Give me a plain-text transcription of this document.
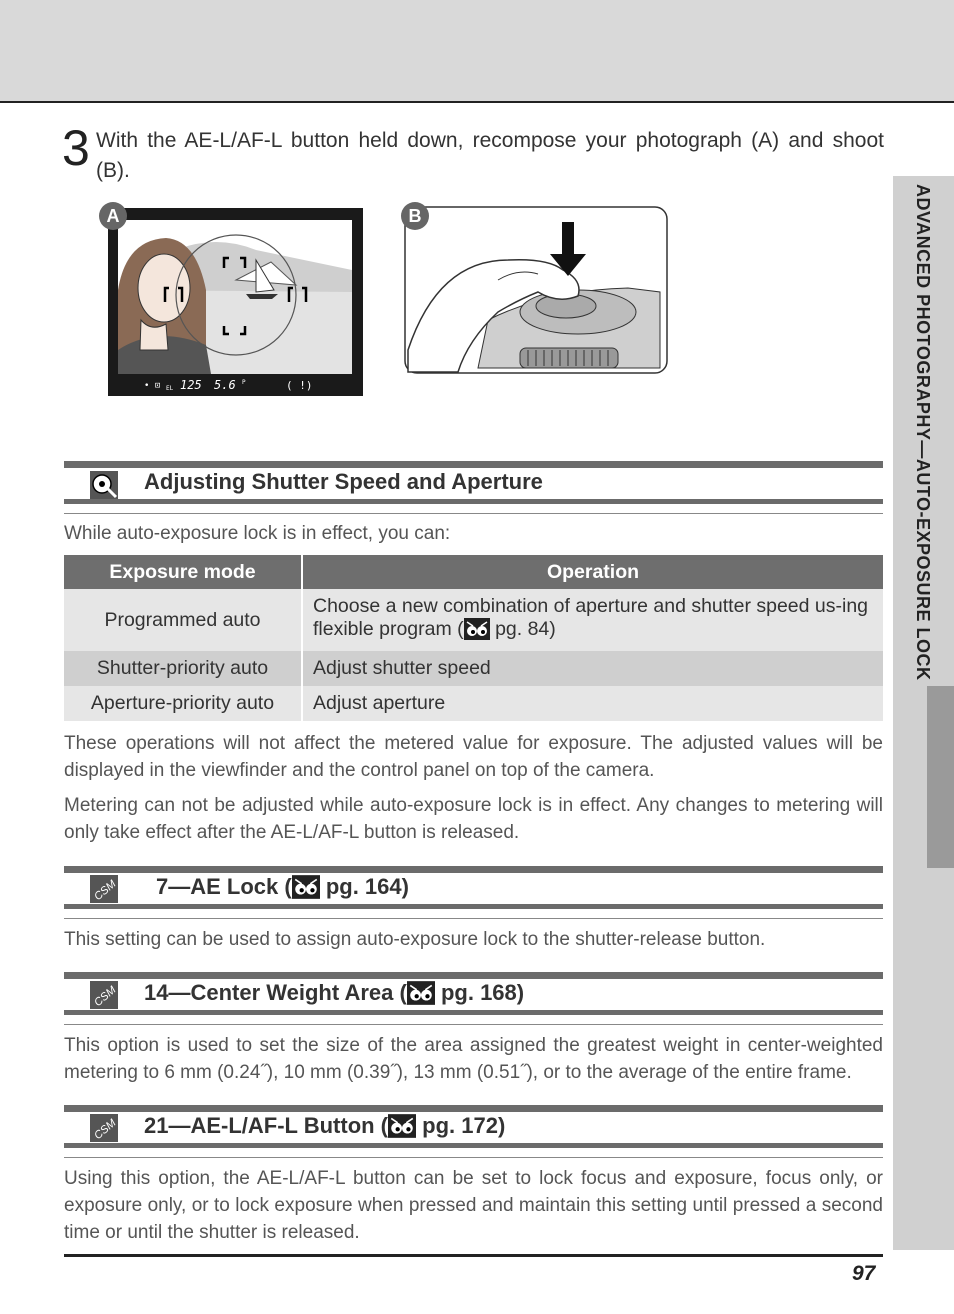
ADVANCED PHOTOGRAPHY—AUTO-EXPOSURE LOCK
3 With the AE-L/AF-L button held down, recompose your photograph (A) and shoot (B).
• ⊡ EL 125 5.6 P	( !)
A	B
Adjusting Shutter Speed and Aperture

While auto-exposure lock is in effect, you can:

Exposure mode	Operation
Programmed auto	Choose a new combination of aperture and shutter speed us-ing flexible program ( pg. 84)
Shutter-priority auto	Adjust shutter speed
Aperture-priority auto	Adjust aperture

These operations will not affect the metered value for exposure. The adjusted values will be displayed in the viewfinder and the control panel on top of the camera.

Metering can not be adjusted while auto-exposure lock is in effect. Any changes to metering will only take effect after the AE-L/AF-L button is released.

CSM 7—AE Lock ( pg. 164)

This setting can be used to assign auto-exposure lock to the shutter-release button.

CSM 14—Center Weight Area ( pg. 168)

This option is used to set the size of the area assigned the greatest weight in center-weighted metering to 6 mm (0.24˝), 10 mm (0.39˝), 13 mm (0.51˝), or to the average of the entire frame.

CSM 21—AE-L/AF-L Button ( pg. 172)

Using this option, the AE-L/AF-L button can be set to lock focus and exposure, focus only, or exposure only, or to lock exposure when pressed and maintain this setting until pressed a second time or until the shutter is released.

97
